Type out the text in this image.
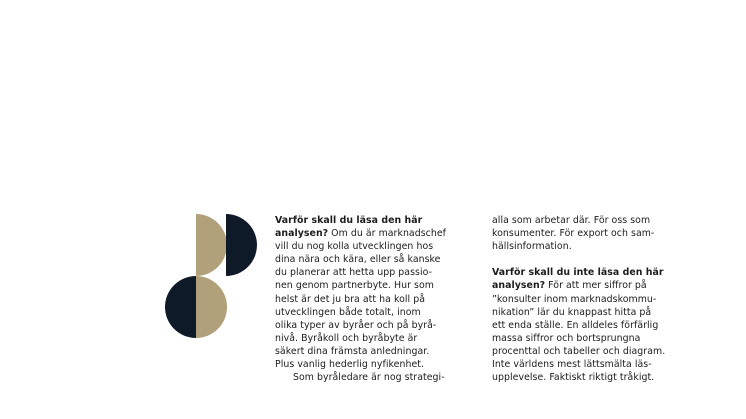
Varför skall du läsa den här
analysen? Om du är marknadschef
vill du nog kolla utvecklingen hos
dina nära och kära, eller så kanske
du planerar att hetta upp passio-
nen genom partnerbyte. Hur som
helst är det ju bra att ha koll på
utvecklingen både totalt, inom
olika typer av byråer och på byrå-
nivå. Byråkoll och byråbyte är
säkert dina främsta anledningar.
Plus vanlig hederlig nyfikenhet.
Som byråledare är nog strategi-

alla som arbetar där. För oss som
konsumenter. För export och sam-
hällsinformation.

Varför skall du inte läsa den här
analysen? För att mer siffror på
”konsulter inom marknadskommu-
nikation” lär du knappast hitta på
ett enda ställe. En alldeles förfärlig
massa siffror och bortsprungna
procenttal och tabeller och diagram.
Inte världens mest lättsmälta läs-
upplevelse. Faktiskt riktigt tråkigt.
